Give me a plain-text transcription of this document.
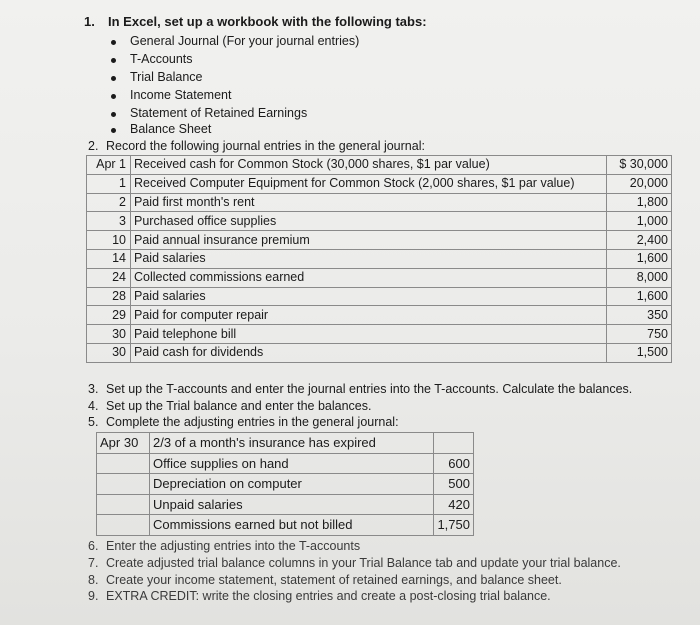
1. In Excel, set up a workbook with the following tabs:
General Journal (For your journal entries)
T-Accounts
Trial Balance
Income Statement
Statement of Retained Earnings
Balance Sheet
2. Record the following journal entries in the general journal:
Apr 1	Received cash for Common Stock (30,000 shares, $1 par value)	$ 30,000
1	Received Computer Equipment for Common Stock (2,000 shares, $1 par value)	20,000
2	Paid first month's rent	1,800
3	Purchased office supplies	1,000
10	Paid annual insurance premium	2,400
14	Paid salaries	1,600
24	Collected commissions earned	8,000
28	Paid salaries	1,600
29	Paid for computer repair	350
30	Paid telephone bill	750
30	Paid cash for dividends	1,500
3. Set up the T-accounts and enter the journal entries into the T-accounts. Calculate the balances.
4. Set up the Trial balance and enter the balances.
5. Complete the adjusting entries in the general journal:
Apr 30	2/3 of a month's insurance has expired	
	Office supplies on hand	600
	Depreciation on computer	500
	Unpaid salaries	420
	Commissions earned but not billed	1,750
6. Enter the adjusting entries into the T-accounts
7. Create adjusted trial balance columns in your Trial Balance tab and update your trial balance.
8. Create your income statement, statement of retained earnings, and balance sheet.
9. EXTRA CREDIT: write the closing entries and create a post-closing trial balance.
